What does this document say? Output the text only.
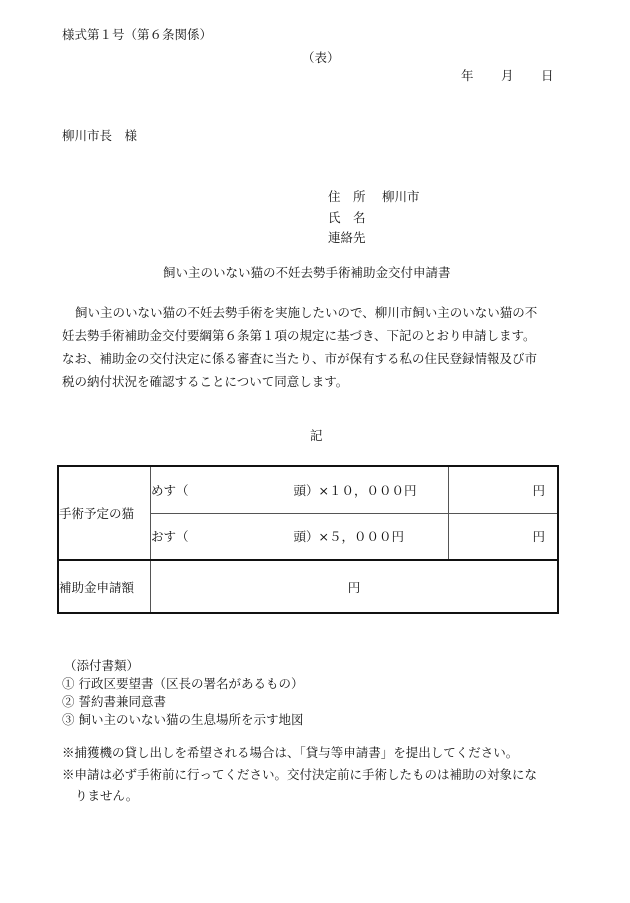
様式第１号（第６条関係）
（表）
年 月 日
柳川市長　様
住　所 柳川市
氏　名
連絡先
飼い主のいない猫の不妊去勢手術補助金交付申請書
飼い主のいない猫の不妊去勢手術を実施したいので、柳川市飼い主のいない猫の不
妊去勢手術補助金交付要綱第６条第１項の規定に基づき、下記のとおり申請します。
なお、補助金の交付決定に係る審査に当たり、市が保有する私の住民登録情報及び市
税の納付状況を確認することについて同意します。
記
手術予定の猫	めす（ 頭）×１０，０００円	円
	おす（ 頭）×５，０００円	円
補助金申請額	円	
（添付書類）
① 行政区要望書（区長の署名があるもの）
② 誓約書兼同意書
③ 飼い主のいない猫の生息場所を示す地図
※捕獲機の貸し出しを希望される場合は、「貸与等申請書」を提出してください。
※申請は必ず手術前に行ってください。交付決定前に手術したものは補助の対象にな
りません。
